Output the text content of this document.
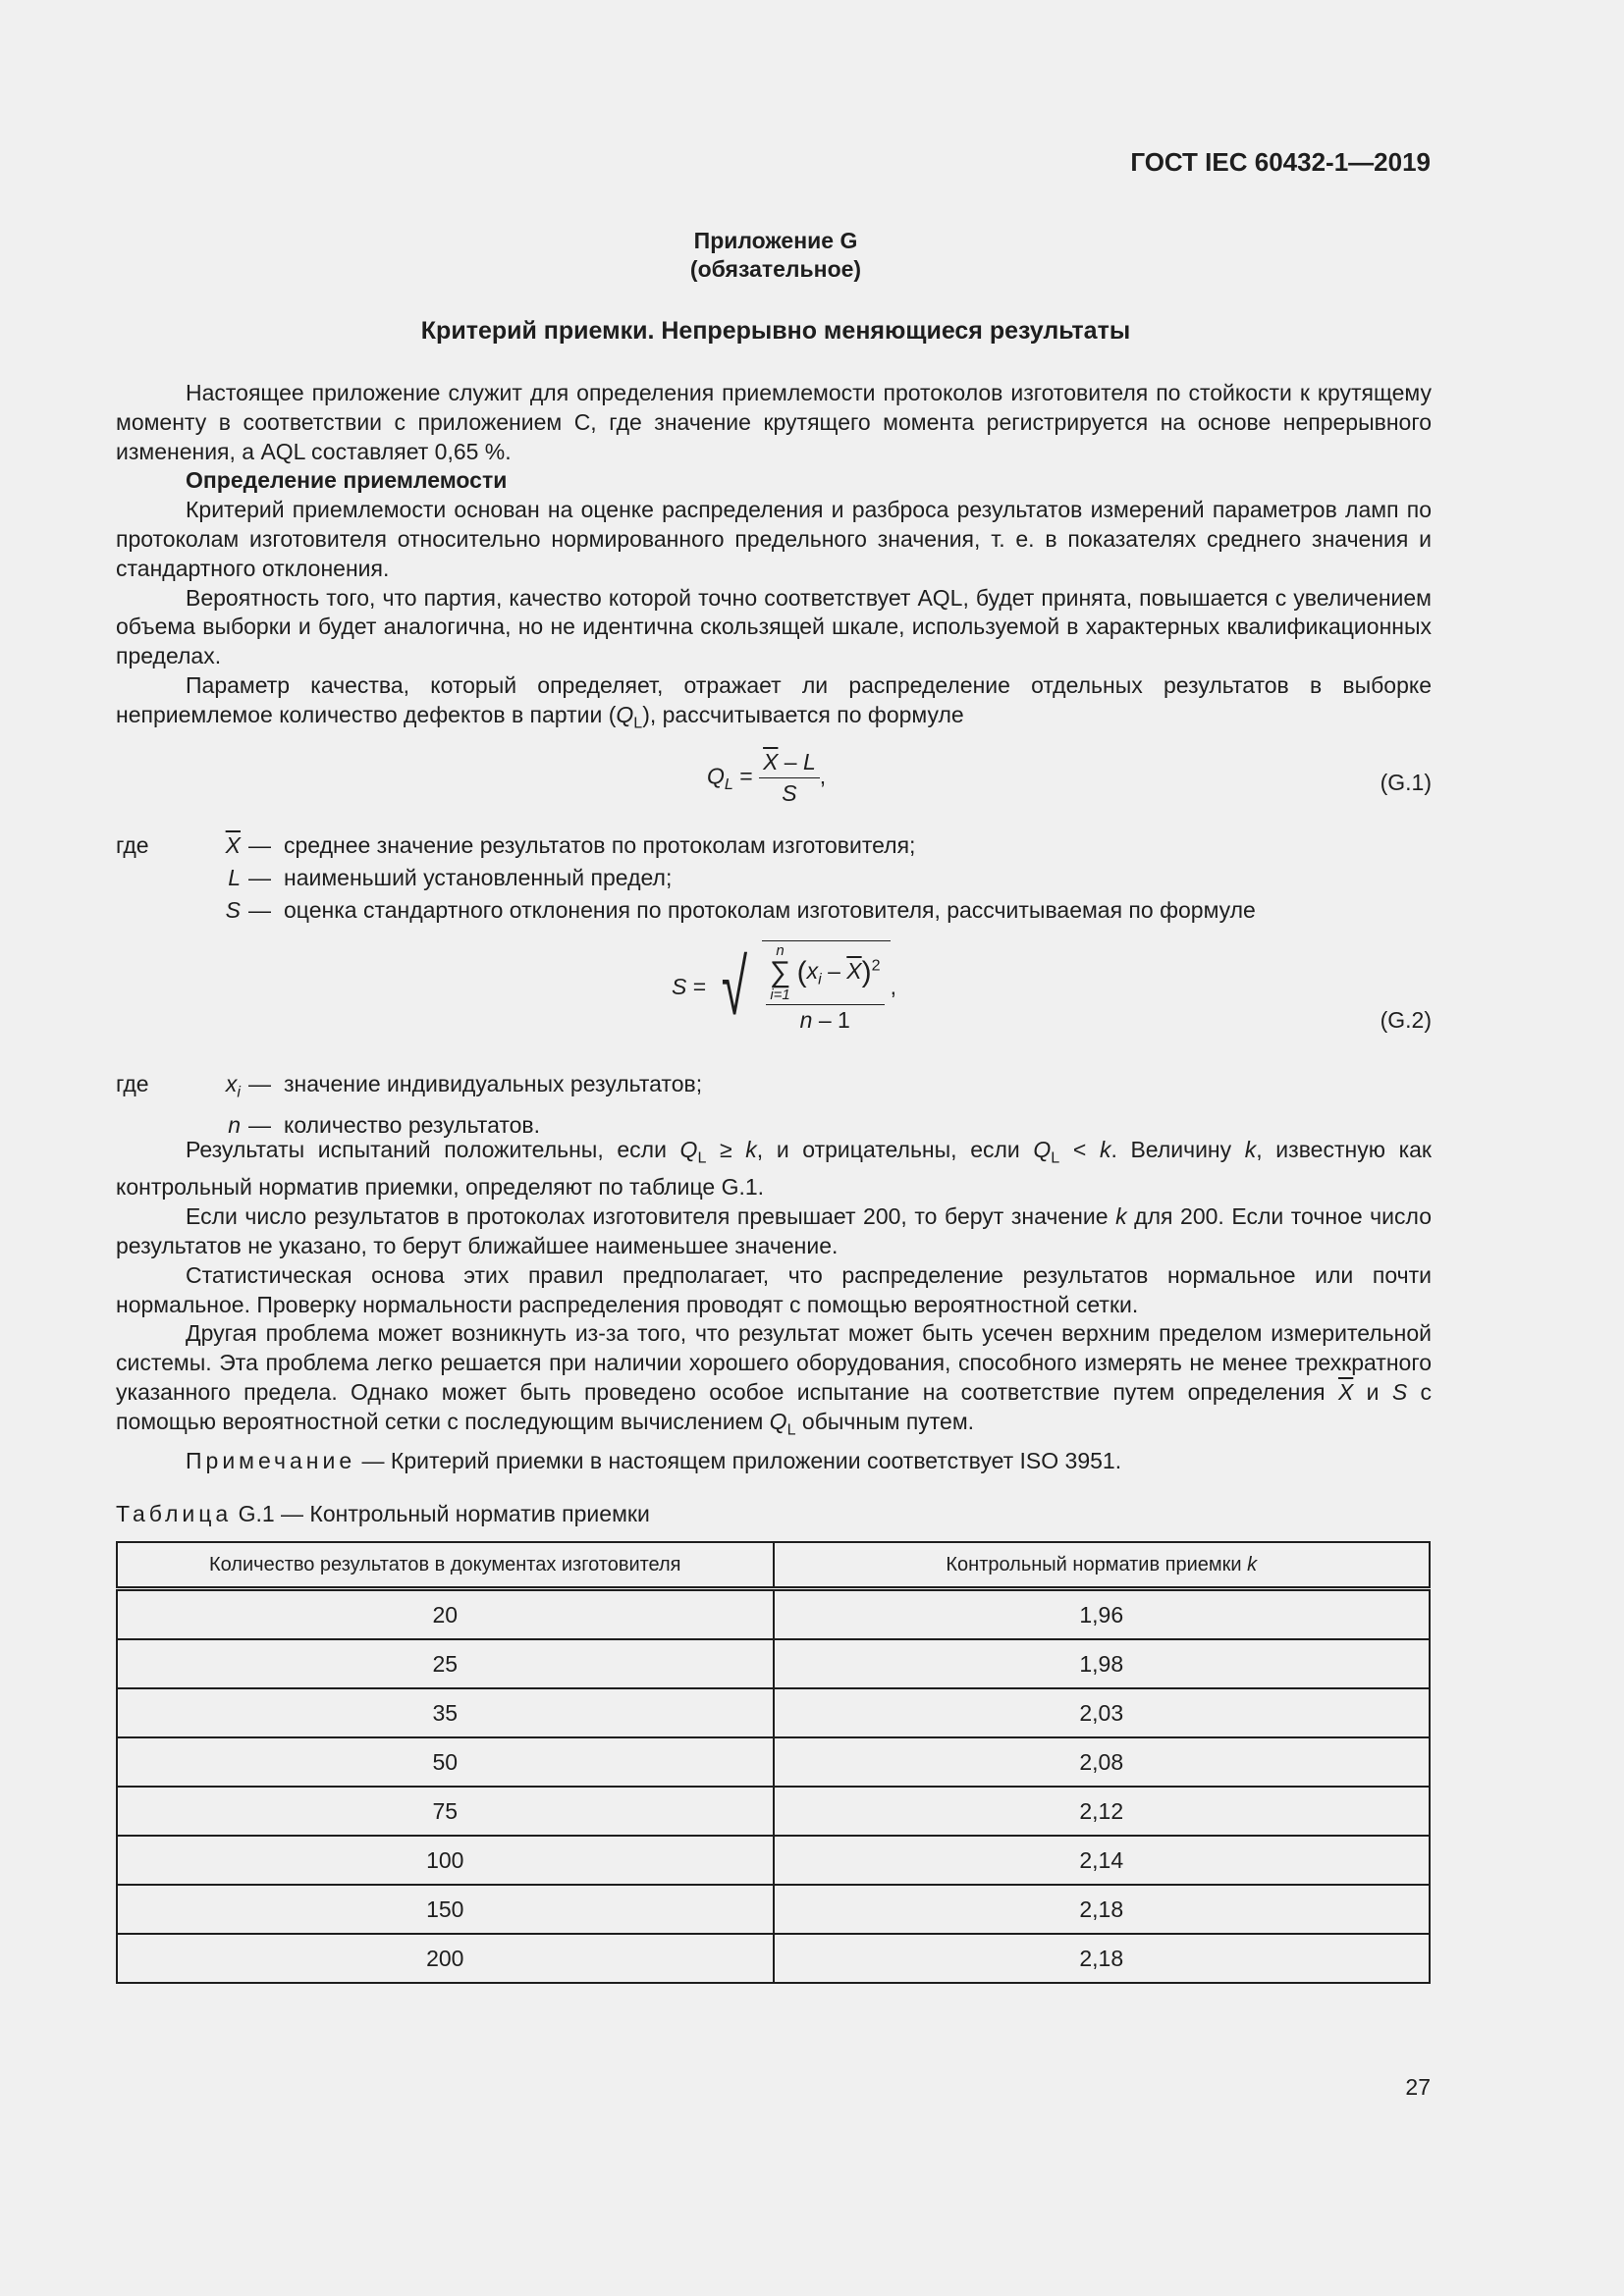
ГОСТ IEC 60432-1—2019
Приложение G
(обязательное)
Критерий приемки. Непрерывно меняющиеся результаты

Настоящее приложение служит для определения приемлемости протоколов изготовителя по стойкости к крутящему моменту в соответствии с приложением С, где значение крутящего момента регистрируется на основе непрерывного изменения, а AQL составляет 0,65 %.

Определение приемлемости

Критерий приемлемости основан на оценке распределения и разброса результатов измерений параметров ламп по протоколам изготовителя относительно нормированного предельного значения, т. е. в показателях среднего значения и стандартного отклонения.

Вероятность того, что партия, качество которой точно соответствует AQL, будет принята, повышается с увеличением объема выборки и будет аналогична, но не идентична скользящей шкале, используемой в характерных квалификационных пределах.

Параметр качества, который определяет, отражает ли распределение отдельных результатов в выборке неприемлемое количество дефектов в партии $(Q_L)$, рассчитывается по формуле

$Q_L = \frac{\overline{X} - L}{S}$ ,	(G.1)
где	$\overline{X}$ — среднее значение результатов по протоколам изготовителя;
L — наименьший установленный предел;
S — оценка стандартного отклонения по протоколам изготовителя, рассчитываемая по формуле
S = √	n
∑
i=1
$(x_i - \overline{X})^2$
n – 1
,
(G.2)
где	$x_i$ — значение индивидуальных результатов;
n — количество результатов.

Результаты испытаний положительны, если $Q_L \ge k$, и отрицательны, если $Q_L < k$. Величину k, известную как контрольный норматив приемки, определяют по таблице G.1.

Если число результатов в протоколах изготовителя превышает 200, то берут значение k для 200. Если точное число результатов не указано, то берут ближайшее наименьшее значение.

Статистическая основа этих правил предполагает, что распределение результатов нормальное или почти нормальное. Проверку нормальности распределения проводят с помощью вероятностной сетки.

Другая проблема может возникнуть из-за того, что результат может быть усечен верхним пределом измерительной системы. Эта проблема легко решается при наличии хорошего оборудования, способного измерять не менее трехкратного указанного предела. Однако может быть проведено особое испытание на соответствие путем определения $\overline{X}$ и S с помощью вероятностной сетки с последующим вычислением $Q_L$ обычным путем.

Примечание — Критерий приемки в настоящем приложении соответствует ISO 3951.
Таблица G.1 — Контрольный норматив приемки
Количество результатов в документах изготовителя	Контрольный норматив приемки k
20	1,96
25	1,98
35	2,03
50	2,08
75	2,12
100	2,14
150	2,18
200	2,18
27
